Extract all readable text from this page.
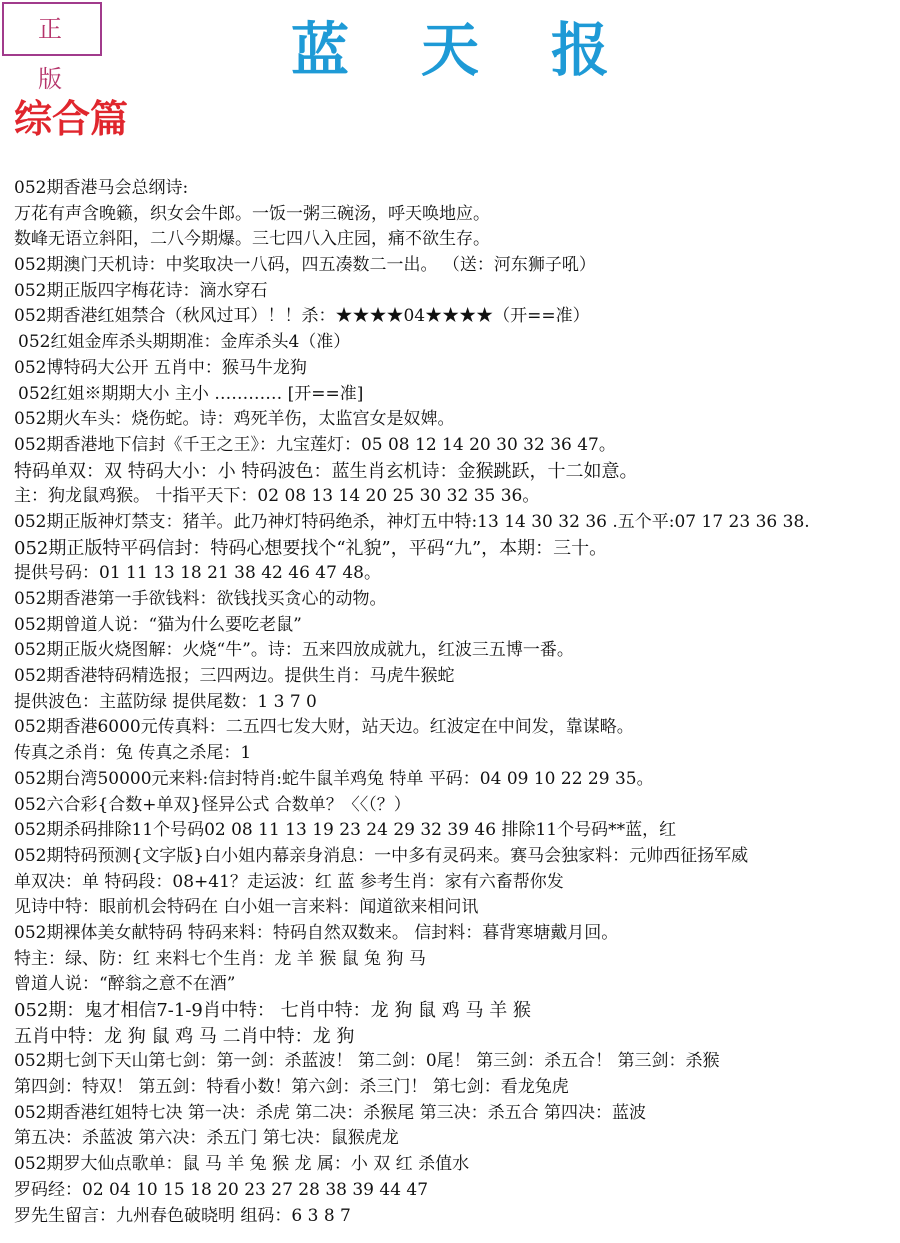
正 版	蓝天报
综合篇
052期香港马会总纲诗:
万花有声含晚籁，织女会牛郎。一饭一粥三碗汤，呼天唤地应。
数峰无语立斜阳，二八今期爆。三七四八入庄园，痛不欲生存。
052期澳门天机诗：中奖取决一八码，四五凑数二一出。 （送：河东狮子吼）
052期正版四字梅花诗：滴水穿石
052期香港红姐禁合（秋风过耳）！！杀：★★★★04★★★★（开==准）
052红姐金库杀头期期准：金库杀头4（准）
052博特码大公开 五肖中：猴马牛龙狗
052红姐※期期大小 主小 ………… [开==准]
052期火车头：烧伤蛇。诗：鸡死羊伤，太监宫女是奴婢。
052期香港地下信封《千王之王》：九宝莲灯：05 08 12 14 20 30 32 36 47。
特码单双：双 特码大小：小 特码波色：蓝生肖玄机诗：金猴跳跃，十二如意。
主：狗龙鼠鸡猴。 十指平天下：02 08 13 14 20 25 30 32 35 36。
052期正版神灯禁支：猪羊。此乃神灯特码绝杀，神灯五中特:13 14 30 32 36 .五个平:07 17 23 36 38.
052期正版特平码信封：特码心想要找个“礼貌”，平码“九”，本期：三十。
提供号码：01 11 13 18 21 38 42 46 47 48。
052期香港第一手欲钱料：欲钱找买贪心的动物。
052期曾道人说：“猫为什么要吃老鼠”
052期正版火烧图解：火烧“牛”。诗：五来四放成就九，红波三五博一番。
052期香港特码精选报；三四两边。提供生肖：马虎牛猴蛇
提供波色：主蓝防绿 提供尾数：1 3 7 0
052期香港6000元传真料：二五四七发大财，站天边。红波定在中间发，靠谋略。
传真之杀肖：兔 传真之杀尾：1
052期台湾50000元来料:信封特肖:蛇牛鼠羊鸡兔 特单 平码：04 09 10 22 29 35。
052六合彩{合数+单双}怪异公式 合数单？〈〈（？）
052期杀码排除11个号码02 08 11 13 19 23 24 29 32 39 46 排除11个号码**蓝，红
052期特码预测{文字版}白小姐内幕亲身消息：一中多有灵码来。赛马会独家料：元帅西征扬军威
单双决：单 特码段：08+41？走运波：红 蓝 参考生肖：家有六畜帮你发
见诗中特：眼前机会特码在 白小姐一言来料：闻道欲来相问讯
052期裸体美女献特码 特码来料：特码自然双数来。 信封料：暮背寒塘戴月回。
特主：绿、防：红 来料七个生肖：龙 羊 猴 鼠 兔 狗 马
曾道人说：“醉翁之意不在酒”
052期：鬼才相信7-1-9肖中特： 七肖中特：龙 狗 鼠 鸡 马 羊 猴
五肖中特：龙 狗 鼠 鸡 马 二肖中特：龙 狗
052期七剑下天山第七剑：第一剑：杀蓝波！ 第二剑：0尾！ 第三剑：杀五合！ 第三剑：杀猴
第四剑：特双！ 第五剑：特看小数！第六剑：杀三门！ 第七剑：看龙兔虎
052期香港红姐特七决 第一决：杀虎 第二决：杀猴尾 第三决：杀五合 第四决：蓝波
第五决：杀蓝波 第六决：杀五门 第七决：鼠猴虎龙
052期罗大仙点歌单：鼠 马 羊 兔 猴 龙 属：小 双 红 杀值水
罗码经：02 04 10 15 18 20 23 27 28 38 39 44 47
罗先生留言：九州春色破晓明 组码：6 3 8 7
